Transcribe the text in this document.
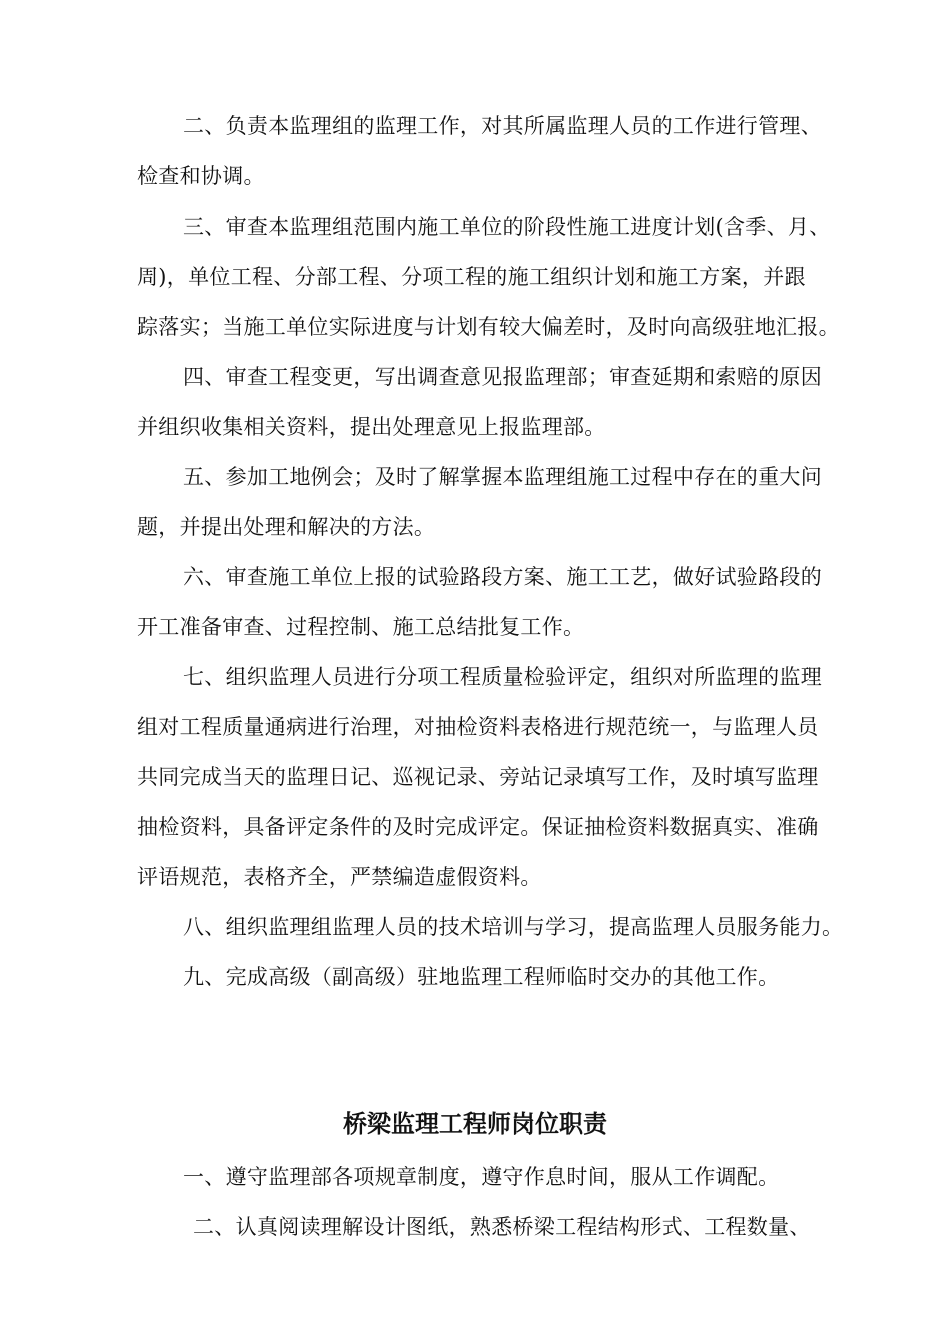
二、负责本监理组的监理工作，对其所属监理人员的工作进行管理、
检查和协调。
三、审查本监理组范围内施工单位的阶段性施工进度计划(含季、月、
周)，单位工程、分部工程、分项工程的施工组织计划和施工方案，并跟
踪落实；当施工单位实际进度与计划有较大偏差时，及时向高级驻地汇报。
四、审查工程变更，写出调查意见报监理部；审查延期和索赔的原因
并组织收集相关资料，提出处理意见上报监理部。
五、参加工地例会；及时了解掌握本监理组施工过程中存在的重大问
题，并提出处理和解决的方法。
六、审查施工单位上报的试验路段方案、施工工艺，做好试验路段的
开工准备审查、过程控制、施工总结批复工作。
七、组织监理人员进行分项工程质量检验评定，组织对所监理的监理
组对工程质量通病进行治理，对抽检资料表格进行规范统一，与监理人员
共同完成当天的监理日记、巡视记录、旁站记录填写工作，及时填写监理
抽检资料，具备评定条件的及时完成评定。保证抽检资料数据真实、准确
评语规范，表格齐全，严禁编造虚假资料。
八、组织监理组监理人员的技术培训与学习，提高监理人员服务能力。
九、完成高级（副高级）驻地监理工程师临时交办的其他工作。
桥梁监理工程师岗位职责
一、遵守监理部各项规章制度，遵守作息时间，服从工作调配。
二、认真阅读理解设计图纸，熟悉桥梁工程结构形式、工程数量、
